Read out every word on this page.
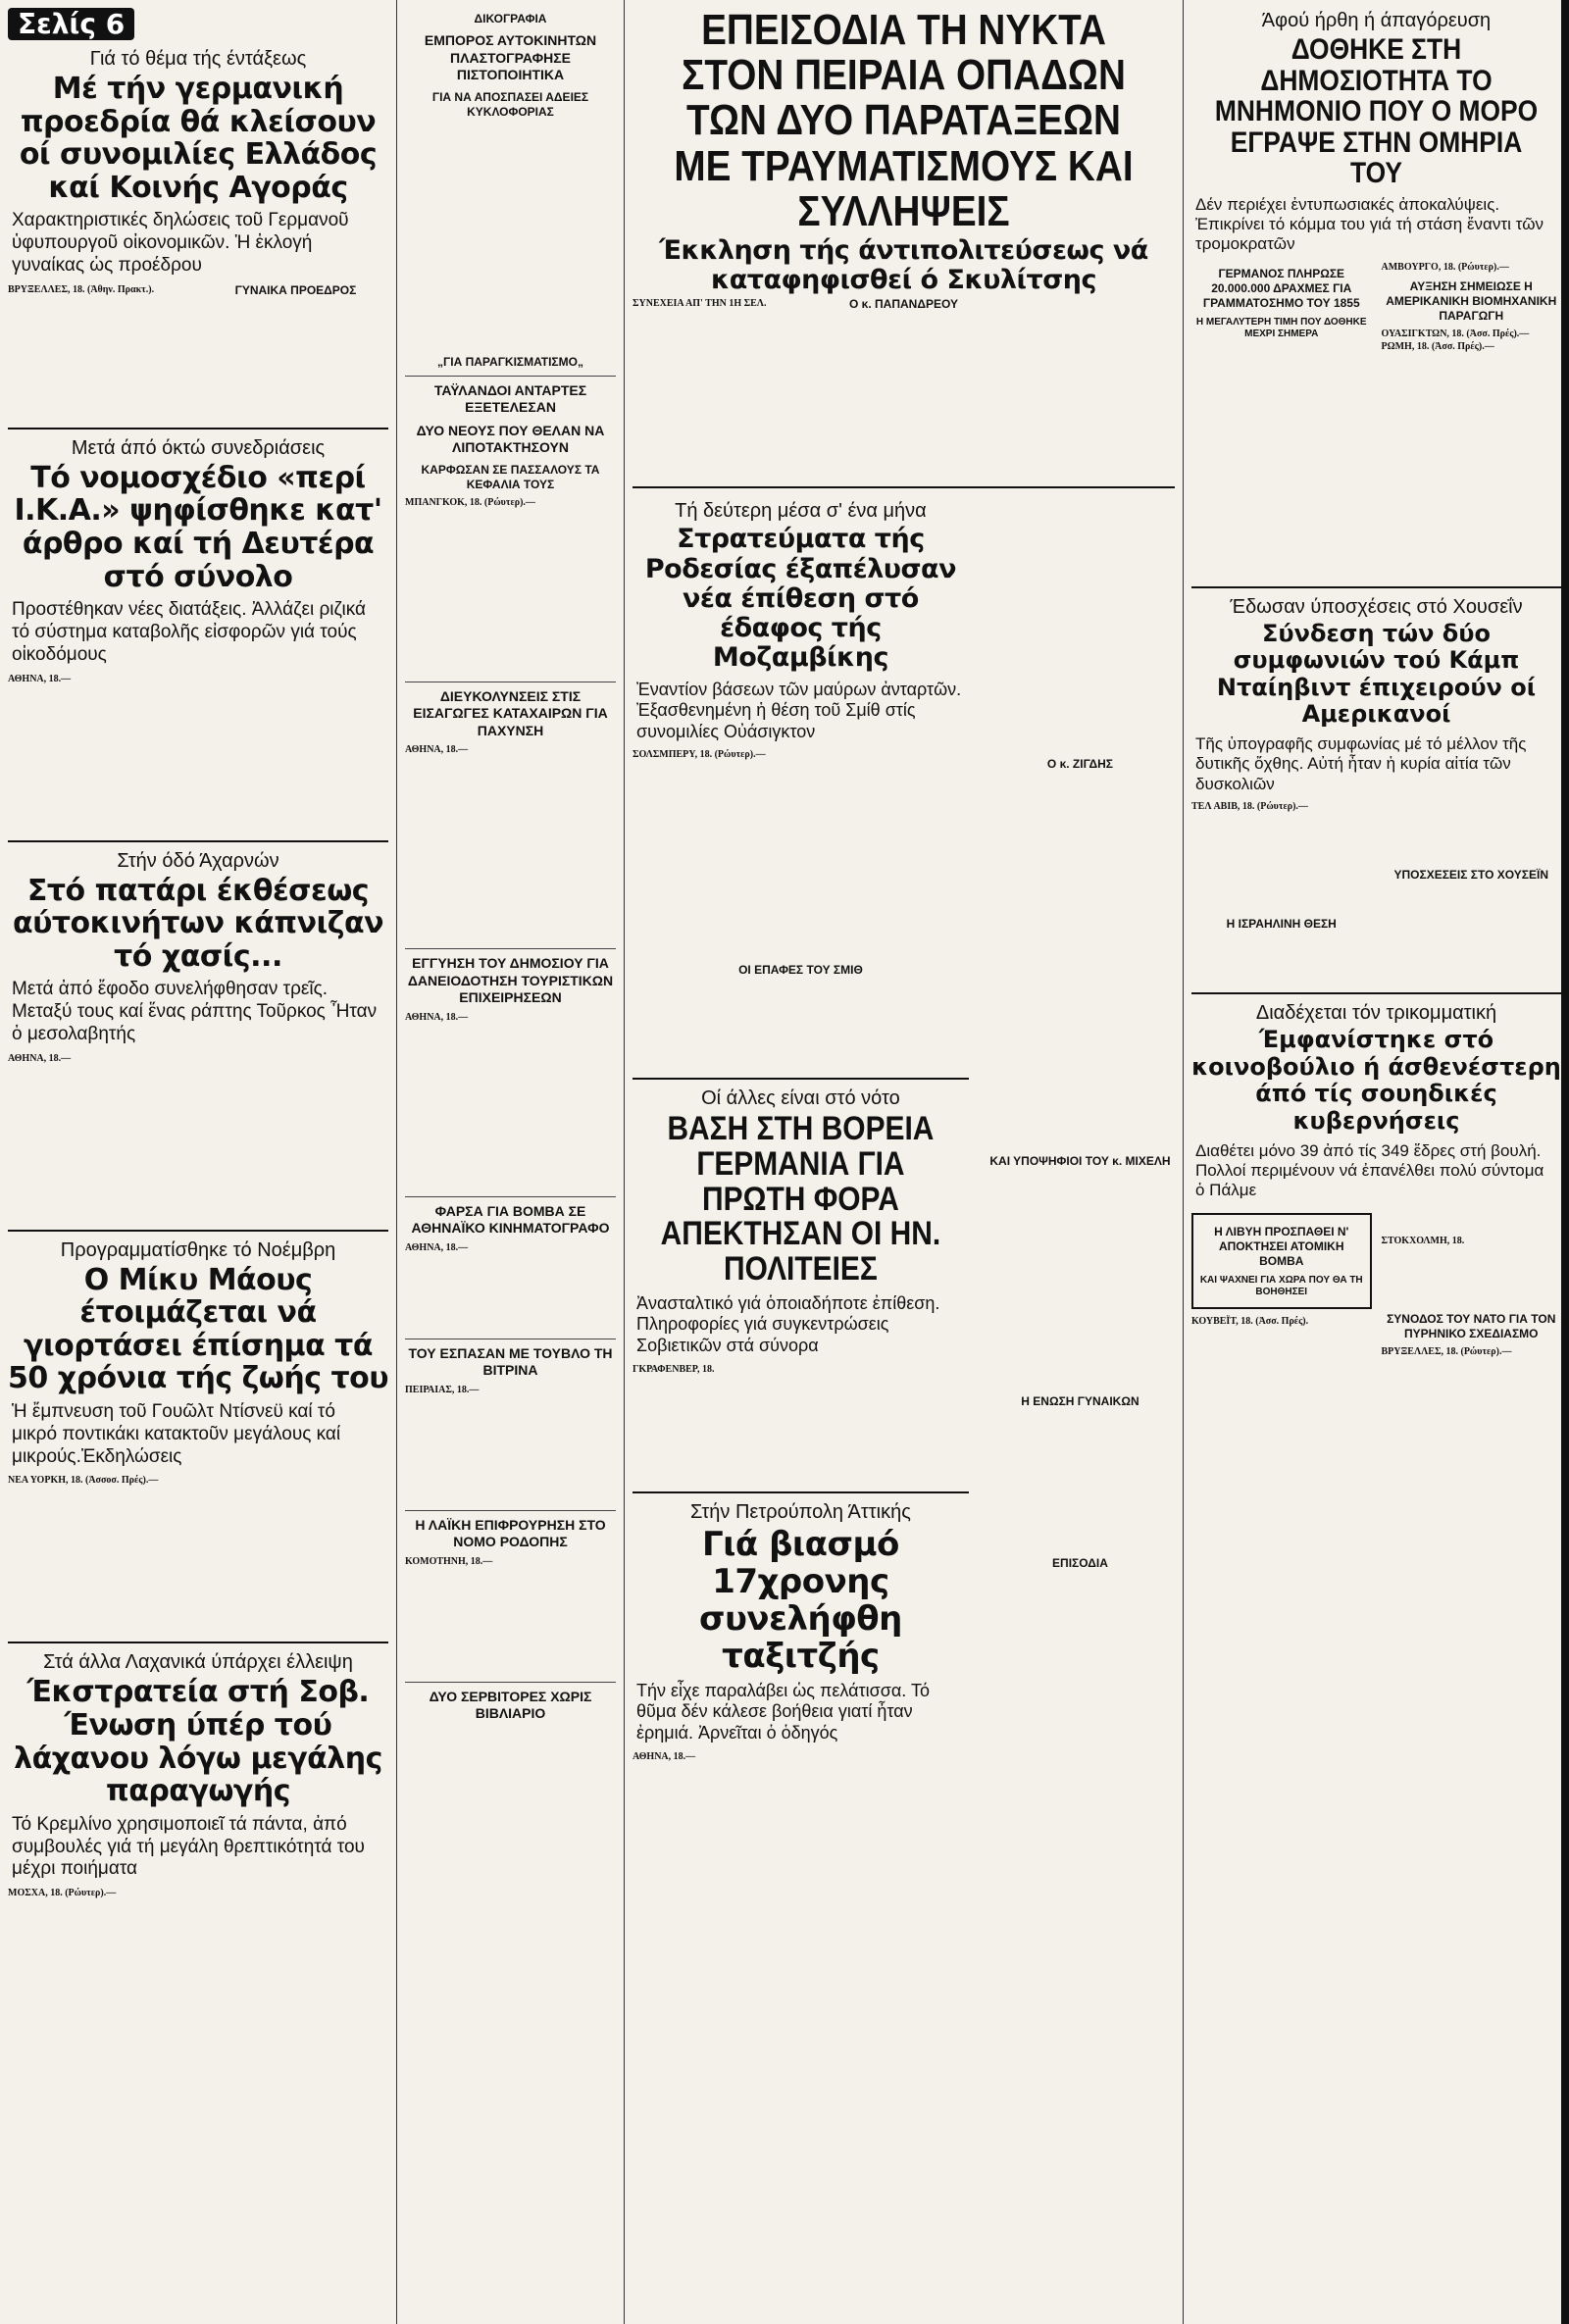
Σελίς 6
Γιά τό θέμα τής έντάξεως
Μέ τήν γερμανική προεδρία θά κλείσουν οί συνομιλίες Ελλάδος καί Κοινής Αγοράς
Χαρακτηριστικές δηλώσεις τοῦ Γερμανοῦ ὑφυπουργοῦ οἰκονομικῶν. Ἡ ἐκλογή γυναίκας ὡς προέδρου

ΒΡΥΞΕΛΛΕΣ, 18. (Ἀθην. Πρακτ.).	ΓΥΝΑΙΚΑ ΠΡΟΕΔΡΟΣ
Μετά άπό όκτώ συνεδριάσεις
Τό νομοσχέδιο «περί Ι.Κ.Α.» ψηφίσθηκε κατ' άρθρο καί τή Δευτέρα στό σύνολο
Προστέθηκαν νέες διατάξεις. Ἀλλάζει ριζικά τό σύστημα καταβολῆς εἰσφορῶν γιά τούς οἰκοδόμους

ΑΘΗΝΑ, 18.—

Στήν όδό Άχαρνών
Στό πατάρι έκθέσεως αύτοκινήτων κάπνιζαν τό χασίς...
Μετά ἀπό ἔφοδο συνελήφθησαν τρεῖς. Μεταξύ τους καί ἕνας ράπτης Τοῦρκος Ἦταν ὁ μεσολαβητής

ΑΘΗΝΑ, 18.—

Προγραμματίσθηκε τό Νοέμβρη
Ο Μίκυ Μάους έτοιμάζεται νά γιορτάσει έπίσημα τά 50 χρόνια τής ζωής του
Ἡ ἔμπνευση τοῦ Γουῶλτ Ντίσνεϋ καί τό μικρό ποντικάκι κατακτοῦν μεγάλους καί μικρούς.Ἐκδηλώσεις

ΝΕΑ ΥΟΡΚΗ, 18. (Ἀσσοσ. Πρές).—

Στά άλλα Λαχανικά ύπάρχει έλλειψη
Έκστρατεία στή Σοβ. Ένωση ύπέρ τού λάχανου λόγω μεγάλης παραγωγής
Τό Κρεμλίνο χρησιμοποιεῖ τά πάντα, ἀπό συμβουλές γιά τή μεγάλη θρεπτικότητά του μέχρι ποιήματα

ΜΟΣΧΑ, 18. (Ρώυτερ).—

ΔΙΚΟΓΡΑΦΙΑ
ΕΜΠΟΡΟΣ ΑΥΤΟΚΙΝΗΤΩΝ ΠΛΑΣΤΟΓΡΑΦΗΣΕ ΠΙΣΤΟΠΟΙΗΤΙΚΑ
ΓΙΑ ΝΑ ΑΠΟΣΠΑΣΕΙ ΑΔΕΙΕΣ ΚΥΚΛΟΦΟΡΙΑΣ
„ΓΙΑ ΠΑΡΑΓΚΙΣΜΑΤΙΣΜΟ„
ΤΑΫΛΑΝΔΟΙ ΑΝΤΑΡΤΕΣ ΕΞΕΤΕΛΕΣΑΝ
ΔΥΟ ΝΕΟΥΣ ΠΟΥ ΘΕΛΑΝ ΝΑ ΛΙΠΟΤΑΚΤΗΣΟΥΝ
ΚΑΡΦΩΣΑΝ ΣΕ ΠΑΣΣΑΛΟΥΣ ΤΑ ΚΕΦΑΛΙΑ ΤΟΥΣ

ΜΠΑΝΓΚΟΚ, 18. (Ρώυτερ).—

ΔΙΕΥΚΟΛΥΝΣΕΙΣ ΣΤΙΣ ΕΙΣΑΓΩΓΕΣ ΚΑΤΑΧΑΙΡΩΝ ΓΙΑ ΠΑΧΥΝΣΗ

ΑΘΗΝΑ, 18.—

ΕΓΓΥΗΣΗ ΤΟΥ ΔΗΜΟΣΙΟΥ ΓΙΑ ΔΑΝΕΙΟΔΟΤΗΣΗ ΤΟΥΡΙΣΤΙΚΩΝ ΕΠΙΧΕΙΡΗΣΕΩΝ

ΑΘΗΝΑ, 18.—

ΦΑΡΣΑ ΓΙΑ ΒΟΜΒΑ ΣΕ ΑΘΗΝΑΪΚΟ ΚΙΝΗΜΑΤΟΓΡΑΦΟ

ΑΘΗΝΑ, 18.—

ΤΟΥ ΕΣΠΑΣΑΝ ΜΕ ΤΟΥΒΛΟ ΤΗ ΒΙΤΡΙΝΑ

ΠΕΙΡΑΙΑΣ, 18.—

Η ΛΑΪΚΗ ΕΠΙΦΡΟΥΡΗΣΗ ΣΤΟ ΝΟΜΟ ΡΟΔΟΠΗΣ

ΚΟΜΟΤΗΝΗ, 18.—

ΔΥΟ ΣΕΡΒΙΤΟΡΕΣ ΧΩΡΙΣ ΒΙΒΛΙΑΡΙΟ
ΕΠΕΙΣΟΔΙΑ ΤΗ ΝΥΚΤΑ ΣΤΟΝ ΠΕΙΡΑΙΑ ΟΠΑΔΩΝ ΤΩΝ ΔΥΟ ΠΑΡΑΤΑΞΕΩΝ ΜΕ ΤΡΑΥΜΑΤΙΣΜΟΥΣ ΚΑΙ ΣΥΛΛΗΨΕΙΣ
Έκκληση τής άντιπολιτεύσεως νά καταφηφισθεί ό Σκυλίτσης

ΣΥΝΕΧΕΙΑ ΑΠ' ΤΗΝ 1Η ΣΕΛ.	Ο κ. ΠΑΠΑΝΔΡΕΟΥ
Τή δεύτερη μέσα σ' ένα μήνα
Στρατεύματα τής Ροδεσίας έξαπέλυσαν νέα έπίθεση στό έδαφος τής Μοζαμβίκης
Ἐναντίον βάσεων τῶν μαύρων ἀνταρτῶν. Ἐξασθενημένη ἡ θέση τοῦ Σμίθ στίς συνομιλίες Οὐάσιγκτον

ΣΟΛΣΜΠΕΡΥ, 18. (Ρώυτερ).—

ΟΙ ΕΠΑΦΕΣ ΤΟΥ ΣΜΙΘ
Οί άλλες είναι στό νότο
ΒΑΣΗ ΣΤΗ ΒΟΡΕΙΑ ΓΕΡΜΑΝΙΑ ΓΙΑ ΠΡΩΤΗ ΦΟΡΑ ΑΠΕΚΤΗΣΑΝ ΟΙ ΗΝ. ΠΟΛΙΤΕΙΕΣ
Ἀνασταλτικό γιά ὁποιαδήποτε ἐπίθεση. Πληροφορίες γιά συγκεντρώσεις Σοβιετικῶν στά σύνορα

ΓΚΡΑΦΕΝΒΕΡ, 18.

Στήν Πετρούπολη Άττικής
Γιά βιασμό 17χρονης συνελήφθη ταξιτζής
Τήν εἶχε παραλάβει ὡς πελάτισσα. Τό θῦμα δέν κάλεσε βοήθεια γιατί ἦταν ἐρημιά. Ἀρνεῖται ὁ ὁδηγός

ΑΘΗΝΑ, 18.—

Ο κ. ΖΙΓΔΗΣ
ΚΑΙ ΥΠΟΨΗΦΙΟΙ ΤΟΥ κ. ΜΙΧΕΛΗ
Η ΕΝΩΣΗ ΓΥΝΑΙΚΩΝ
ΕΠΙΣΟΔΙΑ
Άφού ήρθη ή άπαγόρευση
ΔΟΘΗΚΕ ΣΤΗ ΔΗΜΟΣΙΟΤΗΤΑ ΤΟ ΜΝΗΜΟΝΙΟ ΠΟΥ Ο ΜΟΡΟ ΕΓΡΑΨΕ ΣΤΗΝ ΟΜΗΡΙΑ ΤΟΥ
Δέν περιέχει ἐντυπωσιακές ἀποκαλύψεις. Ἐπικρίνει τό κόμμα του γιά τή στάση ἔναντι τῶν τρομοκρατῶν
ΓΕΡΜΑΝΟΣ ΠΛΗΡΩΣΕ 20.000.000 ΔΡΑΧΜΕΣ ΓΙΑ ΓΡΑΜΜΑΤΟΣΗΜΟ ΤΟΥ 1855
Η ΜΕΓΑΛΥΤΕΡΗ ΤΙΜΗ ΠΟΥ ΔΟΘΗΚΕ ΜΕΧΡΙ ΣΗΜΕΡΑ

ΑΜΒΟΥΡΓΟ, 18. (Ρώυτερ).—

ΑΥΞΗΣΗ ΣΗΜΕΙΩΣΕ Η ΑΜΕΡΙΚΑΝΙΚΗ ΒΙΟΜΗΧΑΝΙΚΗ ΠΑΡΑΓΩΓΗ

ΟΥΑΣΙΓΚΤΩΝ, 18. (Ἀσσ. Πρές).—

ΡΩΜΗ, 18. (Ἀσσ. Πρές).—

Έδωσαν ύποσχέσεις στό Χουσεΐν
Σύνδεση τών δύο συμφωνιών τού Κάμπ Νταίηβιντ έπιχειρούν οί Αμερικανοί
Τῆς ὑπογραφῆς συμφωνίας μέ τό μέλλον τῆς δυτικῆς ὄχθης. Αὐτή ἦταν ἡ κυρία αἰτία τῶν δυσκολιῶν

ΤΕΛ ΑΒΙΒ, 18. (Ρώυτερ).—

Η ΙΣΡΑΗΛΙΝΗ ΘΕΣΗ
ΥΠΟΣΧΕΣΕΙΣ ΣΤΟ ΧΟΥΣΕΪΝ
Διαδέχεται τόν τρικομματική
Έμφανίστηκε στό κοινοβούλιο ή άσθενέστερη άπό τίς σουηδικές κυβερνήσεις
Διαθέτει μόνο 39 ἀπό τίς 349 ἕδρες στή βουλή. Πολλοί περιμένουν νά ἐπανέλθει πολύ σύντομα ὁ Πάλμε
Η ΛΙΒΥΗ ΠΡΟΣΠΑΘΕΙ Ν' ΑΠΟΚΤΗΣΕΙ ΑΤΟΜΙΚΗ ΒΟΜΒΑ
ΚΑΙ ΨΑΧΝΕΙ ΓΙΑ ΧΩΡΑ ΠΟΥ ΘΑ ΤΗ ΒΟΗΘΗΣΕΙ

ΚΟΥΒΕΪΤ, 18. (Ἀσσ. Πρές).

ΣΤΟΚΧΟΛΜΗ, 18.

ΣΥΝΟΔΟΣ ΤΟΥ ΝΑΤΟ ΓΙΑ ΤΟΝ ΠΥΡΗΝΙΚΟ ΣΧΕΔΙΑΣΜΟ

ΒΡΥΞΕΛΛΕΣ, 18. (Ρώυτερ).—
